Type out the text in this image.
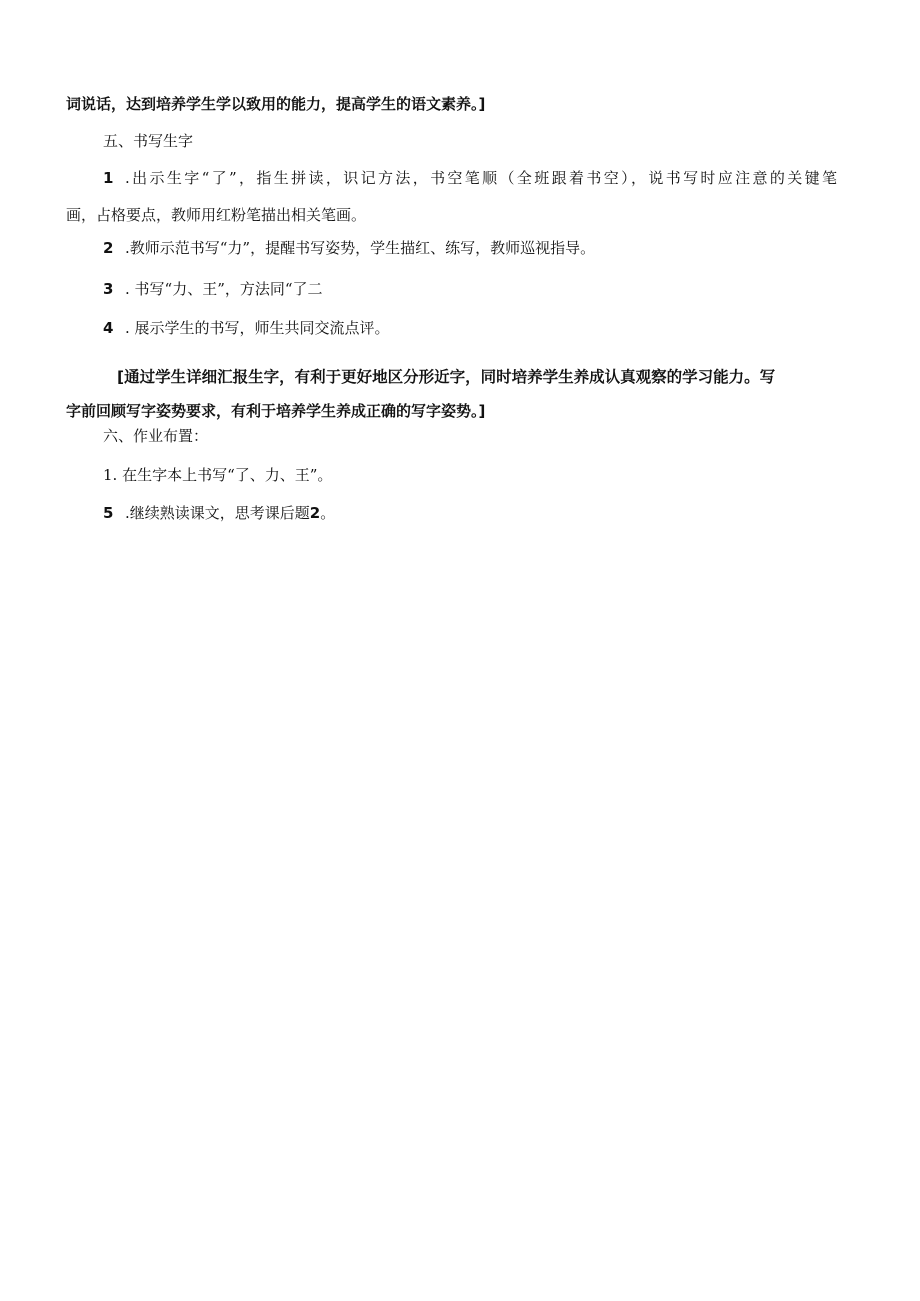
词说话，达到培养学生学以致用的能力，提高学生的语文素养。]
五、书写生字
1 .出示生字“了”，指生拼读，识记方法，书空笔顺（全班跟着书空），说书写时应注意的关键笔
画，占格要点，教师用红粉笔描出相关笔画。
2 .教师示范书写“力”，提醒书写姿势，学生描红、练写，教师巡视指导。
3 . 书写“力、王”，方法同“了二
4 . 展示学生的书写，师生共同交流点评。
[通过学生详细汇报生字，有利于更好地区分形近字，同时培养学生养成认真观察的学习能力。写
字前回顾写字姿势要求，有利于培养学生养成正确的写字姿势。]
六、作业布置：
1. 在生字本上书写“了、力、王”。
5 .继续熟读课文，思考课后题2。
